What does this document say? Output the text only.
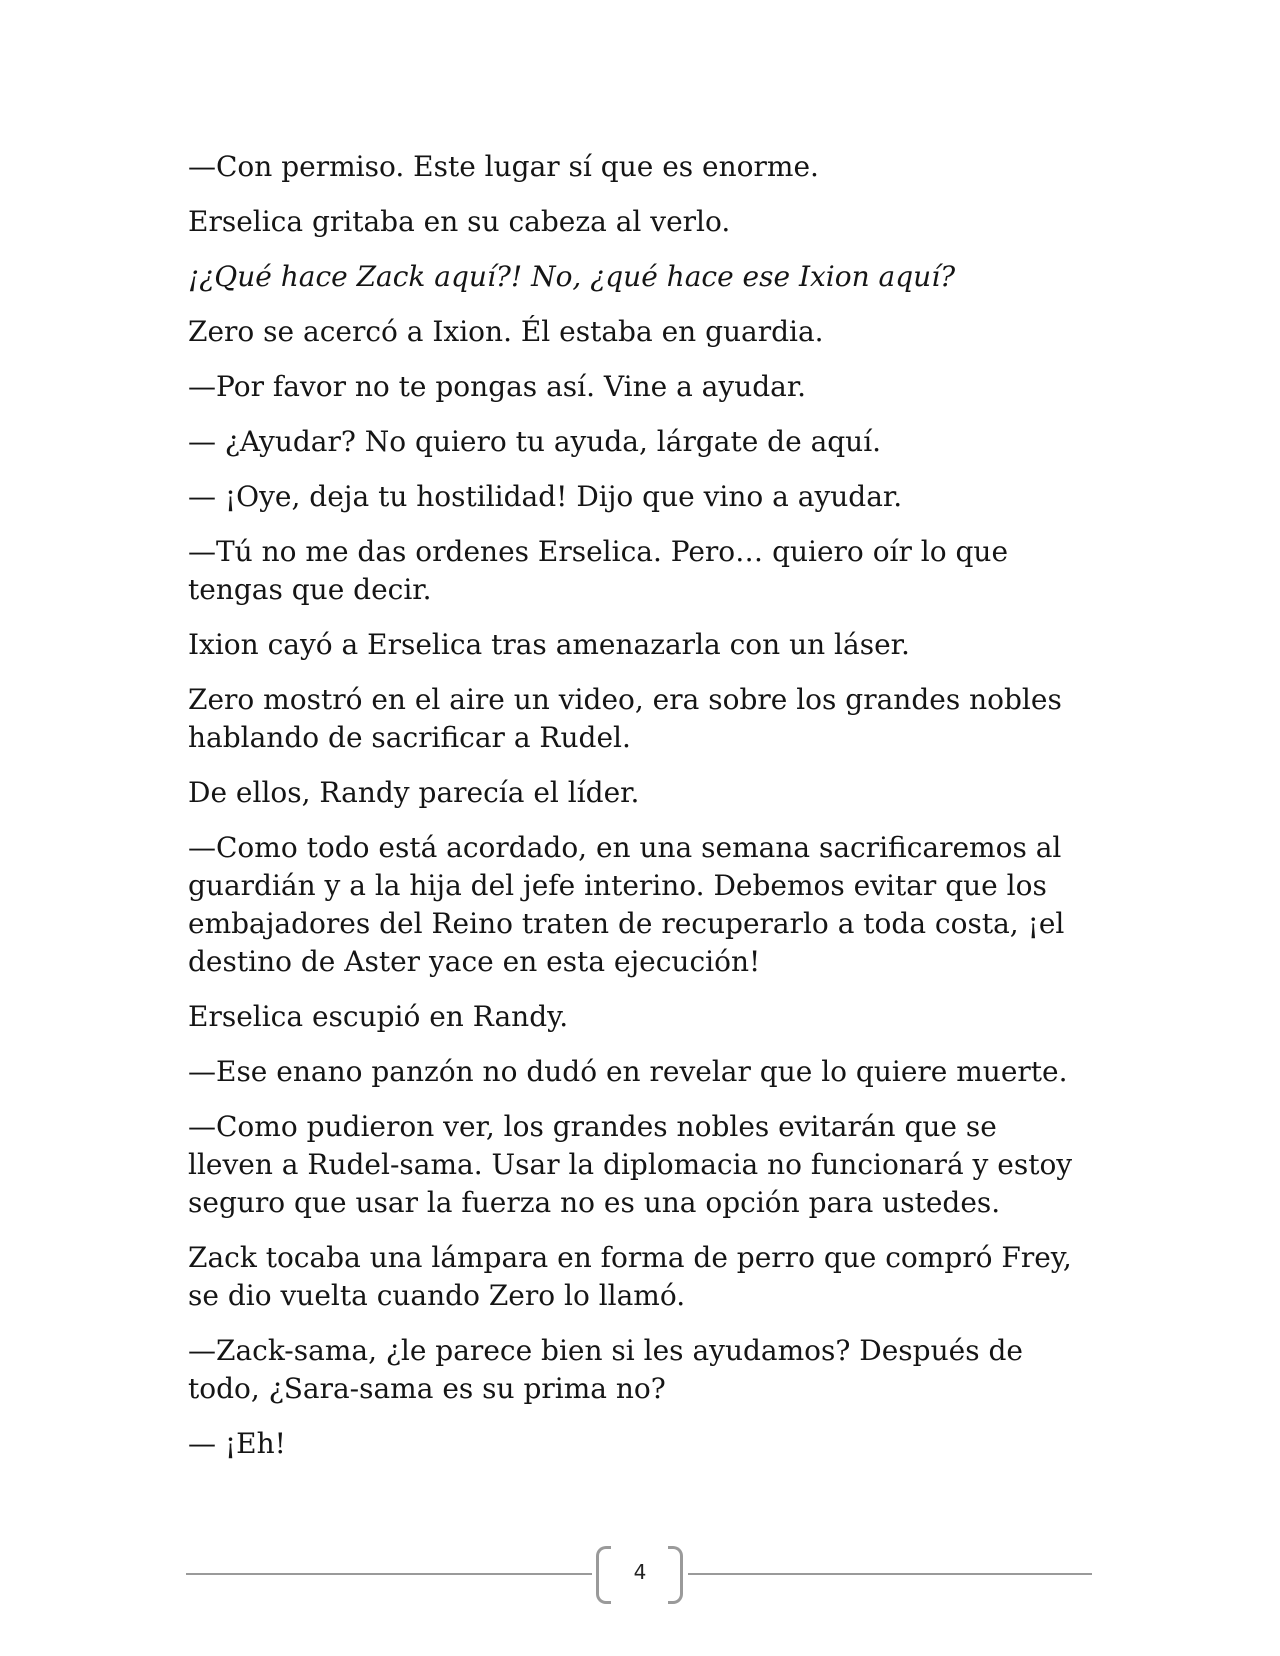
—Con permiso. Este lugar sí que es enorme.

Erselica gritaba en su cabeza al verlo.

¡¿Qué hace Zack aquí?! No, ¿qué hace ese Ixion aquí?

Zero se acercó a Ixion. Él estaba en guardia.

—Por favor no te pongas así. Vine a ayudar.

— ¿Ayudar? No quiero tu ayuda, lárgate de aquí.

— ¡Oye, deja tu hostilidad! Dijo que vino a ayudar.

—Tú no me das ordenes Erselica. Pero… quiero oír lo que tengas que decir.

Ixion cayó a Erselica tras amenazarla con un láser.

Zero mostró en el aire un video, era sobre los grandes nobles hablando de sacrificar a Rudel.

De ellos, Randy parecía el líder.

—Como todo está acordado, en una semana sacrificaremos al guardián y a la hija del jefe interino. Debemos evitar que los embajadores del Reino traten de recuperarlo a toda costa, ¡el destino de Aster yace en esta ejecución!

Erselica escupió en Randy.

—Ese enano panzón no dudó en revelar que lo quiere muerte.

—Como pudieron ver, los grandes nobles evitarán que se lleven a Rudel-sama. Usar la diplomacia no funcionará y estoy seguro que usar la fuerza no es una opción para ustedes.

Zack tocaba una lámpara en forma de perro que compró Frey, se dio vuelta cuando Zero lo llamó.

—Zack-sama, ¿le parece bien si les ayudamos? Después de todo, ¿Sara-sama es su prima no?

— ¡Eh!

4
